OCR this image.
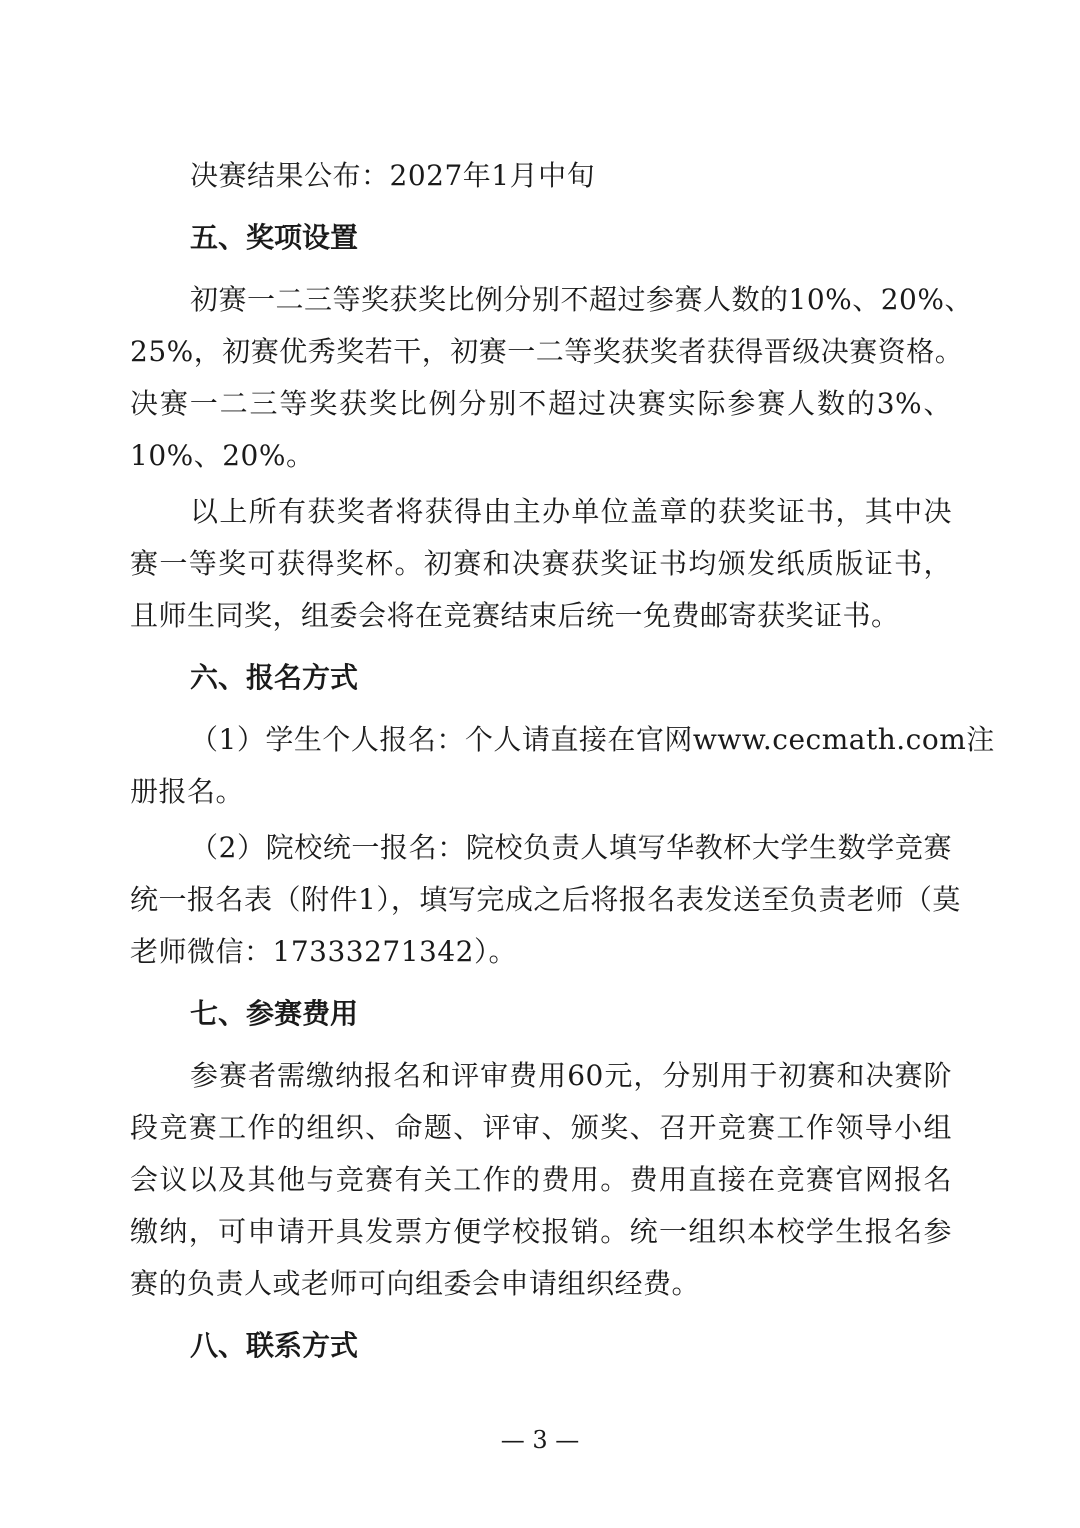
决赛结果公布：2027年1月中旬
五、奖项设置
初赛一二三等奖获奖比例分别不超过参赛人数的10%、20%、
25%，初赛优秀奖若干，初赛一二等奖获奖者获得晋级决赛资格。
决赛一二三等奖获奖比例分别不超过决赛实际参赛人数的3%、
10%、20%。
以上所有获奖者将获得由主办单位盖章的获奖证书，其中决
赛一等奖可获得奖杯。初赛和决赛获奖证书均颁发纸质版证书，
且师生同奖，组委会将在竞赛结束后统一免费邮寄获奖证书。
六、报名方式
（1）学生个人报名：个人请直接在官网www.cecmath.com注
册报名。
（2）院校统一报名：院校负责人填写华教杯大学生数学竞赛
统一报名表（附件1），填写完成之后将报名表发送至负责老师（莫
老师微信：17333271342）。
七、参赛费用
参赛者需缴纳报名和评审费用60元，分别用于初赛和决赛阶
段竞赛工作的组织、命题、评审、颁奖、召开竞赛工作领导小组
会议以及其他与竞赛有关工作的费用。费用直接在竞赛官网报名
缴纳，可申请开具发票方便学校报销。统一组织本校学生报名参
赛的负责人或老师可向组委会申请组织经费。
八、联系方式
— 3 —
